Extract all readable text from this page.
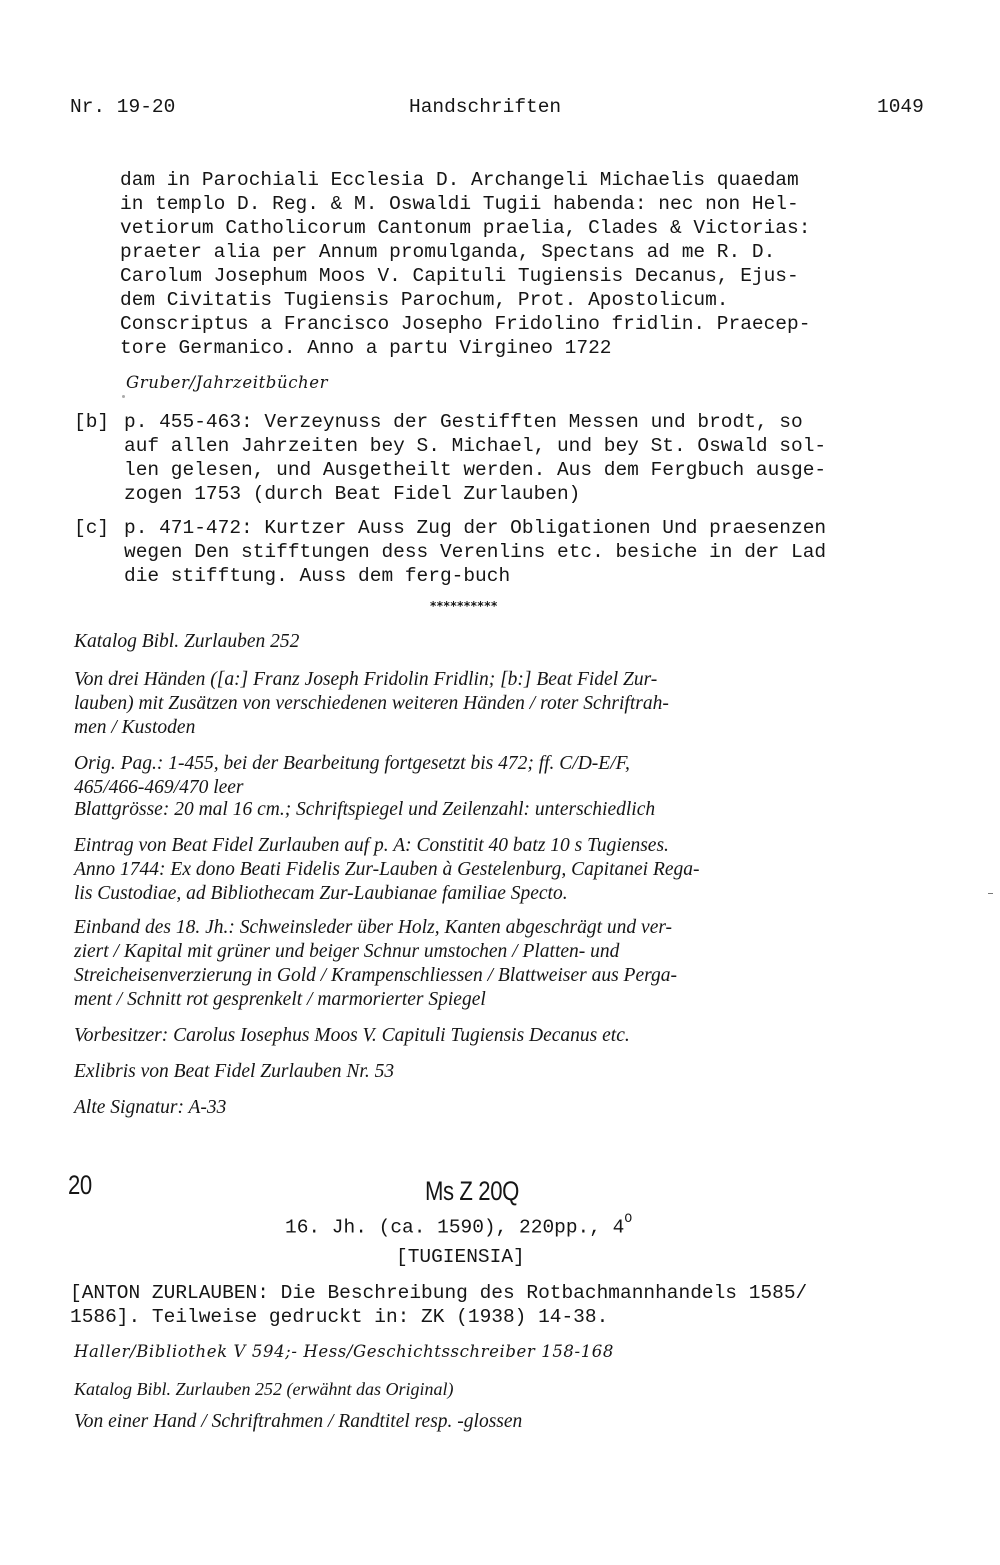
Nr. 19-20	Handschriften	1049
dam in Parochiali Ecclesia D. Archangeli Michaelis quaedam
in templo D. Reg. & M. Oswaldi Tugii habenda: nec non Hel-
vetiorum Catholicorum Cantonum praelia, Clades & Victorias:
praeter alia per Annum promulganda, Spectans ad me R. D.
Carolum Josephum Moos V. Capituli Tugiensis Decanus, Ejus-
dem Civitatis Tugiensis Parochum, Prot. Apostolicum.
Conscriptus a Francisco Josepho Fridolino fridlin. Praecep-
tore Germanico. Anno a partu Virgineo 1722
Gruber/Jahrzeitbücher
[b] p. 455-463: Verzeynuss der Gestifften Messen und brodt, so
auf allen Jahrzeiten bey S. Michael, und bey St. Oswald sol-
len gelesen, und Ausgetheilt werden. Aus dem Fergbuch ausge-
zogen 1753 (durch Beat Fidel Zurlauben)
[c] p. 471-472: Kurtzer Auss Zug der Obligationen Und praesenzen
wegen Den stifftungen dess Verenlins etc. besiche in der Lad
die stifftung. Auss dem ferg-buch
**********
Katalog Bibl. Zurlauben 252
Von drei Händen ([a:] Franz Joseph Fridolin Fridlin; [b:] Beat Fidel Zur-
lauben) mit Zusätzen von verschiedenen weiteren Händen / roter Schriftrah-
men / Kustoden
Orig. Pag.: 1-455, bei der Bearbeitung fortgesetzt bis 472; ff. C/D-E/F,
465/466-469/470 leer
Blattgrösse: 20 mal 16 cm.; Schriftspiegel und Zeilenzahl: unterschiedlich
Eintrag von Beat Fidel Zurlauben auf p. A: Constitit 40 batz 10 s Tugienses.
Anno 1744: Ex dono Beati Fidelis Zur-Lauben à Gestelenburg, Capitanei Rega-
lis Custodiae, ad Bibliothecam Zur-Laubianae familiae Specto.
Einband des 18. Jh.: Schweinsleder über Holz, Kanten abgeschrägt und ver-
ziert / Kapital mit grüner und beiger Schnur umstochen / Platten- und
Streicheisenverzierung in Gold / Krampenschliessen / Blattweiser aus Perga-
ment / Schnitt rot gesprenkelt / marmorierter Spiegel
Vorbesitzer: Carolus Iosephus Moos V. Capituli Tugiensis Decanus etc.
Exlibris von Beat Fidel Zurlauben Nr. 53
Alte Signatur: A-33
20	Ms Z 20Q
16. Jh. (ca. 1590), 220pp., $4^O$
[TUGIENSIA]
[ANTON ZURLAUBEN: Die Beschreibung des Rotbachmannhandels 1585/
1586]. Teilweise gedruckt in: ZK (1938) 14-38.
Haller/Bibliothek V 594;- Hess/Geschichtsschreiber 158-168
Katalog Bibl. Zurlauben 252 (erwähnt das Original)
Von einer Hand / Schriftrahmen / Randtitel resp. -glossen
